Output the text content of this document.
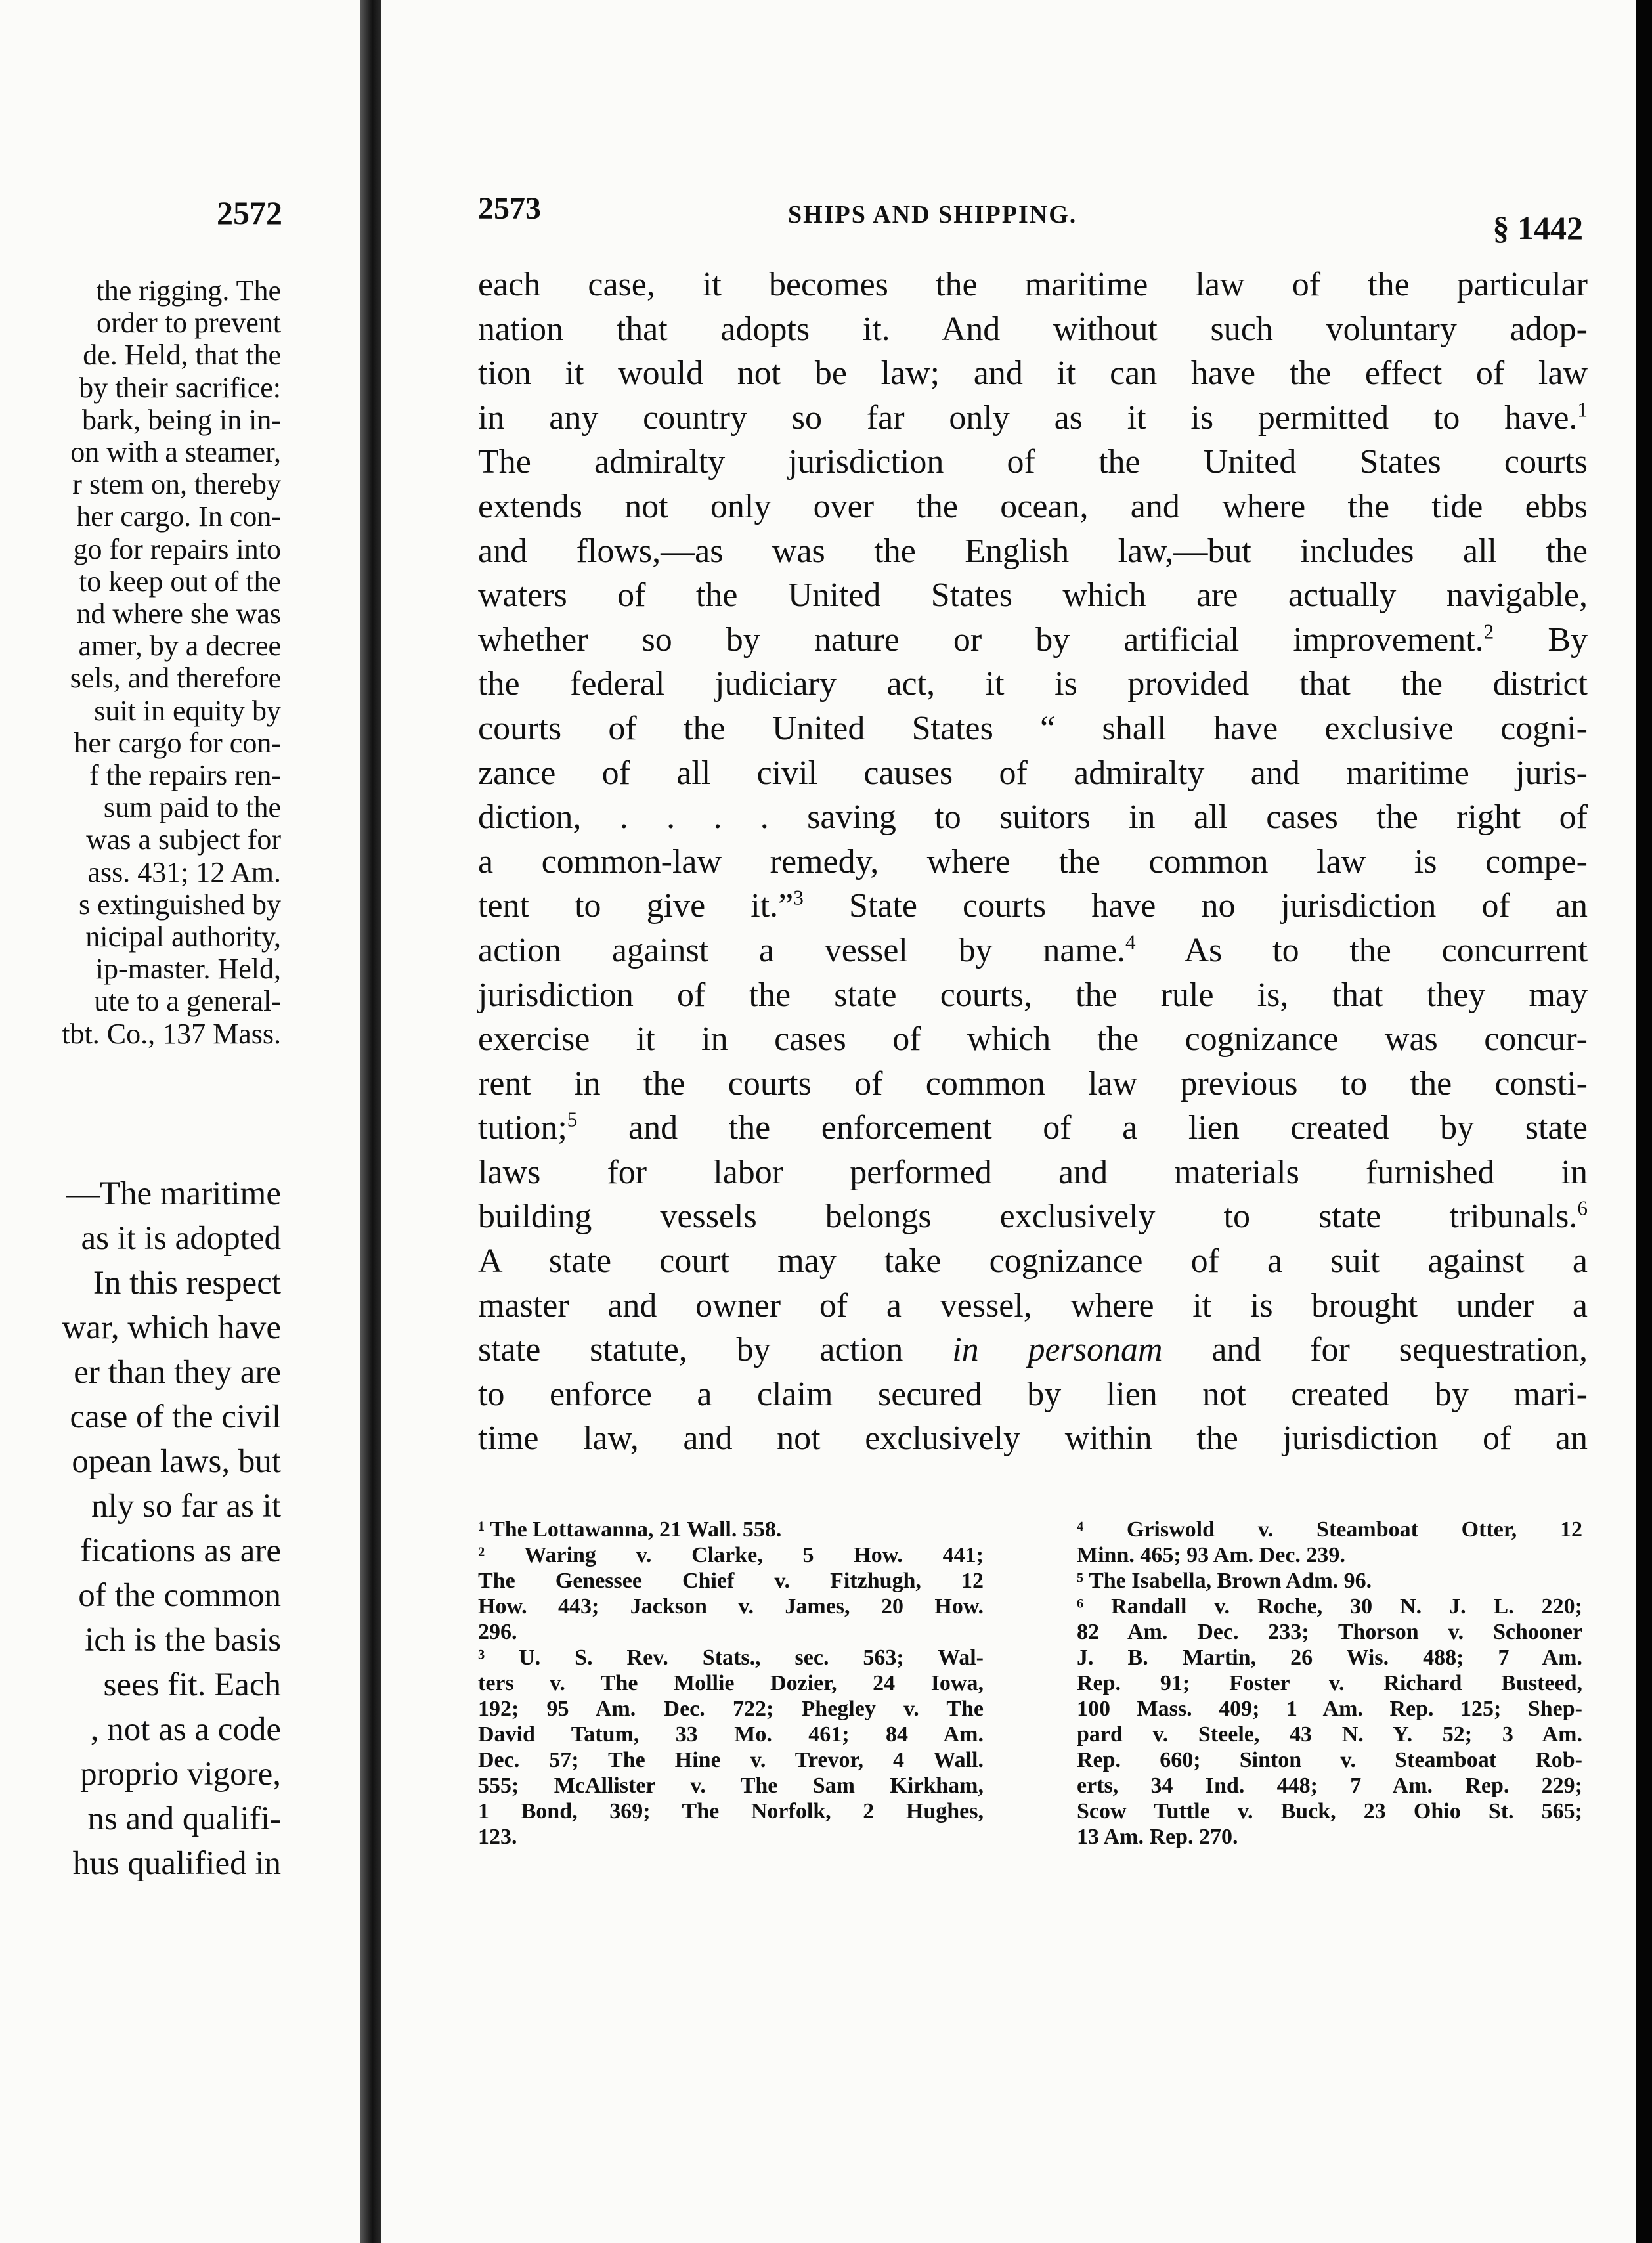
2572
the rigging. The
order to prevent
de. Held, that the
by their sacrifice:
bark, being in in-
on with a steamer,
r stem on, thereby
her cargo. In con-
go for repairs into
to keep out of the
nd where she was
amer, by a decree
sels, and therefore
suit in equity by
her cargo for con-
f the repairs ren-
sum paid to the
was a subject for
ass. 431; 12 Am.
s extinguished by
nicipal authority,
ip-master. Held,
ute to a general-
tbt. Co., 137 Mass.
—The maritime
as it is adopted
In this respect
war, which have
er than they are
case of the civil
opean laws, but
nly so far as it
fications as are
of the common
ich is the basis
sees fit. Each
, not as a code
proprio vigore,
ns and qualifi-
hus qualified in
2573	SHIPS AND SHIPPING.	§ 1442
each case, it becomes the maritime law of the particular
nation that adopts it. And without such voluntary adop-
tion it would not be law; and it can have the effect of law
in any country so far only as it is permitted to have.$^1$
The admiralty jurisdiction of the United States courts
extends not only over the ocean, and where the tide ebbs
and flows,—as was the English law,—but includes all the
waters of the United States which are actually navigable,
whether so by nature or by artificial improvement.$^2$ By
the federal judiciary act, it is provided that the district
courts of the United States “ shall have exclusive cogni-
zance of all civil causes of admiralty and maritime juris-
diction, . . . . saving to suitors in all cases the right of
a common-law remedy, where the common law is compe-
tent to give it.”$^3$ State courts have no jurisdiction of an
action against a vessel by name.$^4$ As to the concurrent
jurisdiction of the state courts, the rule is, that they may
exercise it in cases of which the cognizance was concur-
rent in the courts of common law previous to the consti-
tution;$^5$ and the enforcement of a lien created by state
laws for labor performed and materials furnished in
building vessels belongs exclusively to state tribunals.$^6$
A state court may take cognizance of a suit against a
master and owner of a vessel, where it is brought under a
state statute, by action in personam and for sequestration,
to enforce a claim secured by lien not created by mari-
time law, and not exclusively within the jurisdiction of an
¹ The Lottawanna, 21 Wall. 558.
² Waring v. Clarke, 5 How. 441;
The Genessee Chief v. Fitzhugh, 12
How. 443; Jackson v. James, 20 How.
296.
³ U. S. Rev. Stats., sec. 563; Wal-
ters v. The Mollie Dozier, 24 Iowa,
192; 95 Am. Dec. 722; Phegley v. The
David Tatum, 33 Mo. 461; 84 Am.
Dec. 57; The Hine v. Trevor, 4 Wall.
555; McAllister v. The Sam Kirkham,
1 Bond, 369; The Norfolk, 2 Hughes,
123.
⁴ Griswold v. Steamboat Otter, 12
Minn. 465; 93 Am. Dec. 239.
⁵ The Isabella, Brown Adm. 96.
⁶ Randall v. Roche, 30 N. J. L. 220;
82 Am. Dec. 233; Thorson v. Schooner
J. B. Martin, 26 Wis. 488; 7 Am.
Rep. 91; Foster v. Richard Busteed,
100 Mass. 409; 1 Am. Rep. 125; Shep-
pard v. Steele, 43 N. Y. 52; 3 Am.
Rep. 660; Sinton v. Steamboat Rob-
erts, 34 Ind. 448; 7 Am. Rep. 229;
Scow Tuttle v. Buck, 23 Ohio St. 565;
13 Am. Rep. 270.
